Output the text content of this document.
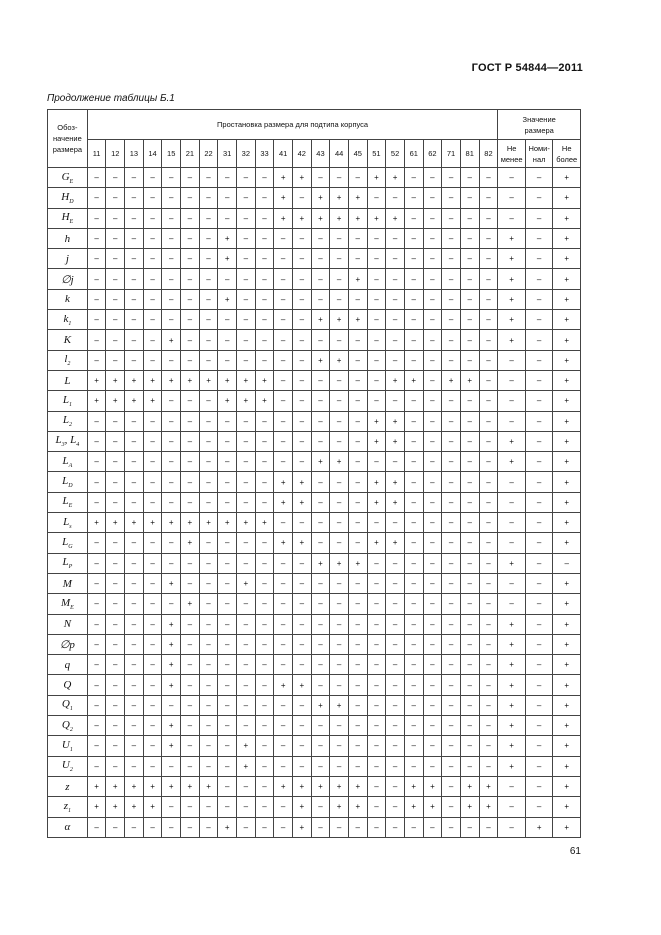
ГОСТ Р 54844—2011
Продолжение таблицы Б.1
Обоз-
начение
размера	Простановка размера для подтипа корпуса																						Значение
размера		
	11	12	13	14	15	21	22	31	32	33	41	42	43	44	45	51	52	61	62	71	81	82	Не
менее	Номи-
нал	Не
более
$G_E$	–	–	–	–	–	–	–	–	–	–	+	+	–	–	–	+	+	–	–	–	–	–	–	–	+
$H_D$	–	–	–	–	–	–	–	–	–	–	+	–	+	+	+	–	–	–	–	–	–	–	–	–	+
$H_E$	–	–	–	–	–	–	–	–	–	–	+	+	+	+	+	+	+	–	–	–	–	–	–	–	+
h	–	–	–	–	–	–	–	+	–	–	–	–	–	–	–	–	–	–	–	–	–	–	+	–	+
j	–	–	–	–	–	–	–	+	–	–	–	–	–	–	–	–	–	–	–	–	–	–	+	–	+
∅j	–	–	–	–	–	–	–	–	–	–	–	–	–	–	+	–	–	–	–	–	–	–	+	–	+
k	–	–	–	–	–	–	–	+	–	–	–	–	–	–	–	–	–	–	–	–	–	–	+	–	+
$k_1$	–	–	–	–	–	–	–	–	–	–	–	–	+	+	+	–	–	–	–	–	–	–	+	–	+
K	–	–	–	–	+	–	–	–	–	–	–	–	–	–	–	–	–	–	–	–	–	–	+	–	+
$l_2$	–	–	–	–	–	–	–	–	–	–	–	–	+	+	–	–	–	–	–	–	–	–	–	–	+
L	+	+	+	+	+	+	+	+	+	+	–	–	–	–	–	–	+	+	–	+	+	–	–	–	+
$L_1$	+	+	+	+	–	–	–	+	+	+	–	–	–	–	–	–	–	–	–	–	–	–	–	–	+
$L_2$	–	–	–	–	–	–	–	–	–	–	–	–	–	–	–	+	+	–	–	–	–	–	–	–	+
$L_3$, $L_4$	–	–	–	–	–	–	–	–	–	–	–	–	–	–	–	+	+	–	–	–	–	–	+	–	+
$L_A$	–	–	–	–	–	–	–	–	–	–	–	–	+	+	–	–	–	–	–	–	–	–	+	–	+
$L_D$	–	–	–	–	–	–	–	–	–	–	+	+	–	–	–	+	+	–	–	–	–	–	–	–	+
$L_E$	–	–	–	–	–	–	–	–	–	–	+	+	–	–	–	+	+	–	–	–	–	–	–	–	+
$L_s$	+	+	+	+	+	+	+	+	+	+	–	–	–	–	–	–	–	–	–	–	–	–	–	–	+
$L_G$	–	–	–	–	–	+	–	–	–	–	+	+	–	–	–	+	+	–	–	–	–	–	–	–	+
$L_P$	–	–	–	–	–	–	–	–	–	–	–	–	+	+	+	–	–	–	–	–	–	–	+	–	–
M	–	–	–	–	+	–	–	–	+	–	–	–	–	–	–	–	–	–	–	–	–	–	–	–	+
$M_E$	–	–	–	–	–	+	–	–	–	–	–	–	–	–	–	–	–	–	–	–	–	–	–	–	+
N	–	–	–	–	+	–	–	–	–	–	–	–	–	–	–	–	–	–	–	–	–	–	+	–	+
∅p	–	–	–	–	+	–	–	–	–	–	–	–	–	–	–	–	–	–	–	–	–	–	+	–	+
q	–	–	–	–	+	–	–	–	–	–	–	–	–	–	–	–	–	–	–	–	–	–	+	–	+
Q	–	–	–	–	+	–	–	–	–	–	+	+	–	–	–	–	–	–	–	–	–	–	+	–	+
$Q_1$	–	–	–	–	–	–	–	–	–	–	–	–	+	+	–	–	–	–	–	–	–	–	+	–	+
$Q_2$	–	–	–	–	+	–	–	–	–	–	–	–	–	–	–	–	–	–	–	–	–	–	+	–	+
$U_1$	–	–	–	–	+	–	–	–	+	–	–	–	–	–	–	–	–	–	–	–	–	–	+	–	+
$U_2$	–	–	–	–	–	–	–	–	+	–	–	–	–	–	–	–	–	–	–	–	–	–	+	–	+
z	+	+	+	+	+	+	+	–	–	–	+	+	+	+	+	–	–	+	+	–	+	+	–	–	+
$z_1$	+	+	+	+	–	–	–	–	–	–	–	+	–	+	+	–	–	+	+	–	+	+	–	–	+
α	–	–	–	–	–	–	–	+	–	–	–	+	–	–	–	–	–	–	–	–	–	–	–	+	+
61
